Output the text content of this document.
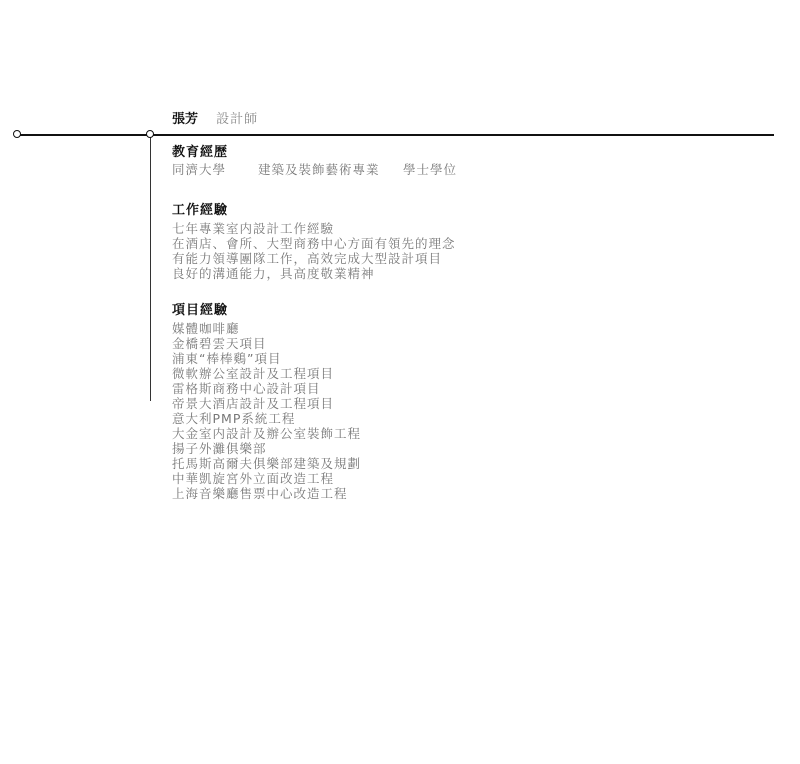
張芳 設計師
教育經歷
同濟大學	建築及裝飾藝術專業 學士學位
工作經驗
七年專業室内設計工作經驗
在酒店、會所、大型商務中心方面有領先的理念
有能力領導團隊工作，高效完成大型設計項目
良好的溝通能力，具高度敬業精神
項目經驗
媒體咖啡廳
金橋碧雲天項目
浦東“棒棒鷄”項目
微軟辦公室設計及工程項目
雷格斯商務中心設計項目
帝景大酒店設計及工程項目
意大利PMP系統工程
大金室内設計及辦公室裝飾工程
揚子外灘俱樂部
托馬斯高爾夫俱樂部建築及規劃
中華凱旋宮外立面改造工程
上海音樂廳售票中心改造工程
